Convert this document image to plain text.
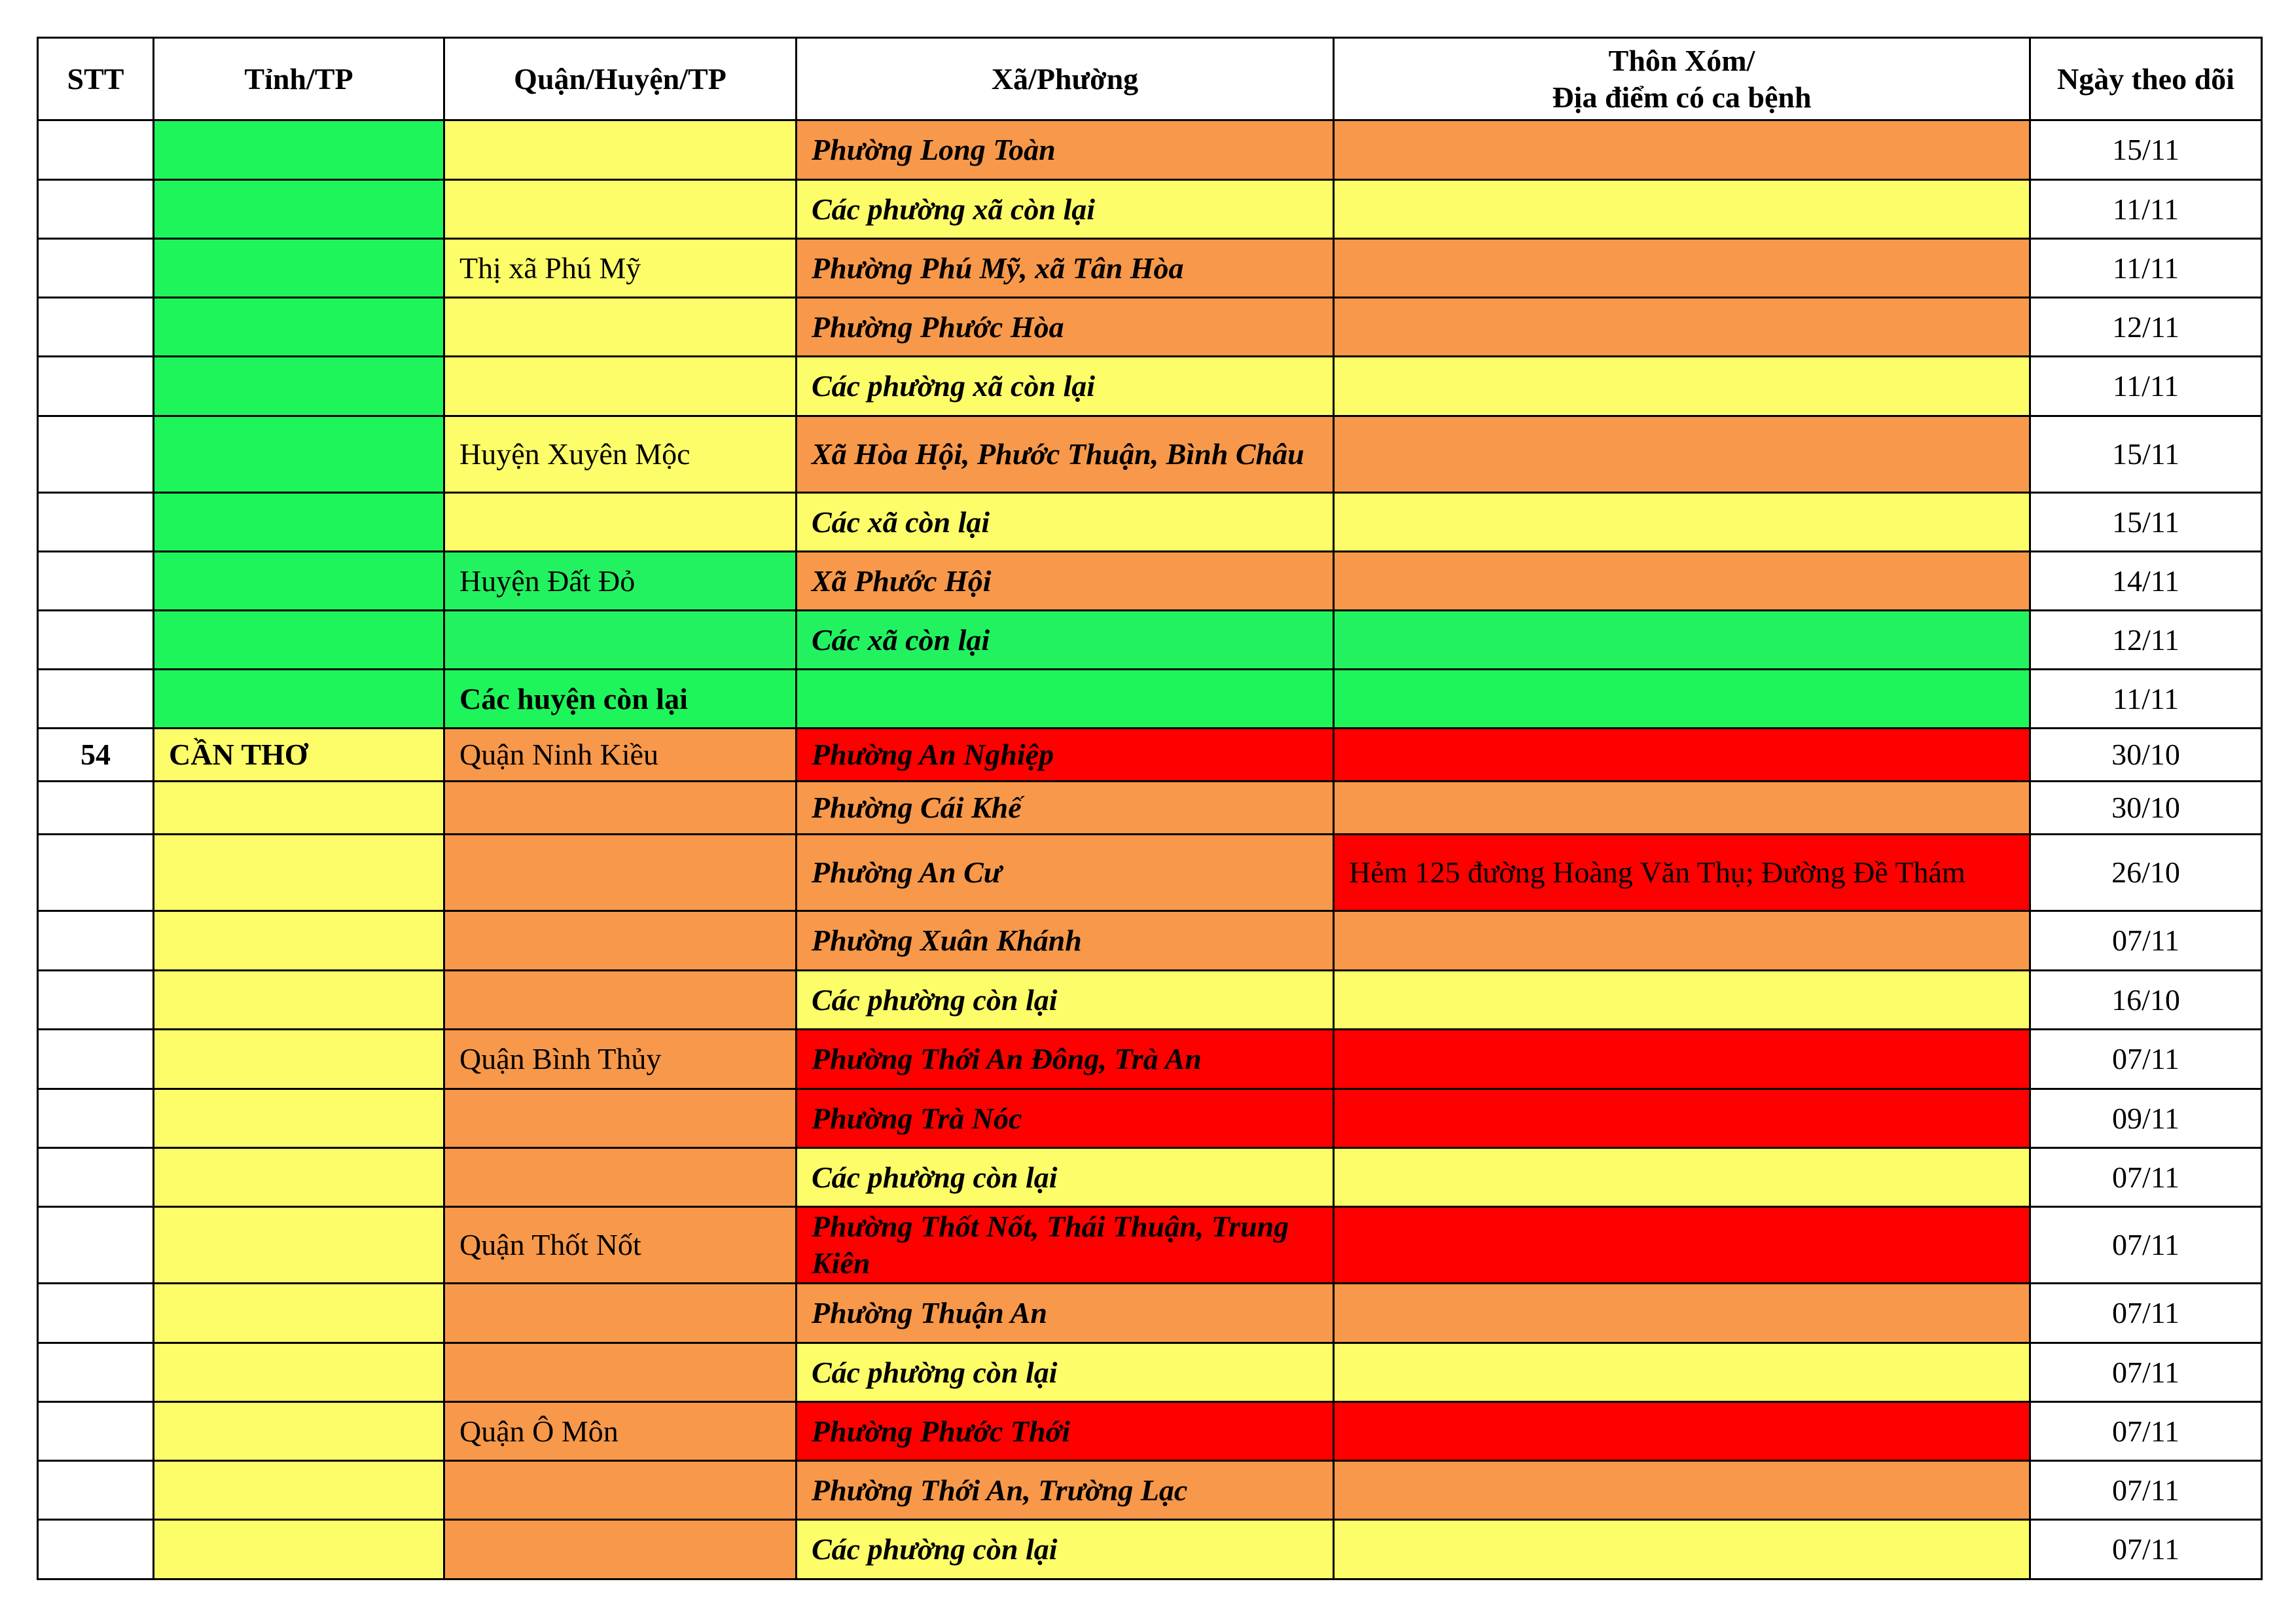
STT	Tỉnh/TP	Quận/Huyện/TP	Xã/Phường	Thôn Xóm/
Địa điểm có ca bệnh	Ngày theo dõi
			Phường Long Toàn		15/11
			Các phường xã còn lại		11/11
		Thị xã Phú Mỹ	Phường Phú Mỹ, xã Tân Hòa		11/11
			Phường Phước Hòa		12/11
			Các phường xã còn lại		11/11
		Huyện Xuyên Mộc	Xã Hòa Hội, Phước Thuận, Bình Châu		15/11
			Các xã còn lại		15/11
		Huyện Đất Đỏ	Xã Phước Hội		14/11
			Các xã còn lại		12/11
		Các huyện còn lại			11/11
54	CẦN THƠ	Quận Ninh Kiều	Phường An Nghiệp		30/10
			Phường Cái Khế		30/10
			Phường An Cư	Hẻm 125 đường Hoàng Văn Thụ; Đường Đề Thám	26/10
			Phường Xuân Khánh		07/11
			Các phường còn lại		16/10
		Quận Bình Thủy	Phường Thới An Đông, Trà An		07/11
			Phường Trà Nóc		09/11
			Các phường còn lại		07/11
		Quận Thốt Nốt	Phường Thốt Nốt, Thái Thuận, Trung Kiên		07/11
			Phường Thuận An		07/11
			Các phường còn lại		07/11
		Quận Ô Môn	Phường Phước Thới		07/11
			Phường Thới An, Trường Lạc		07/11
			Các phường còn lại		07/11
